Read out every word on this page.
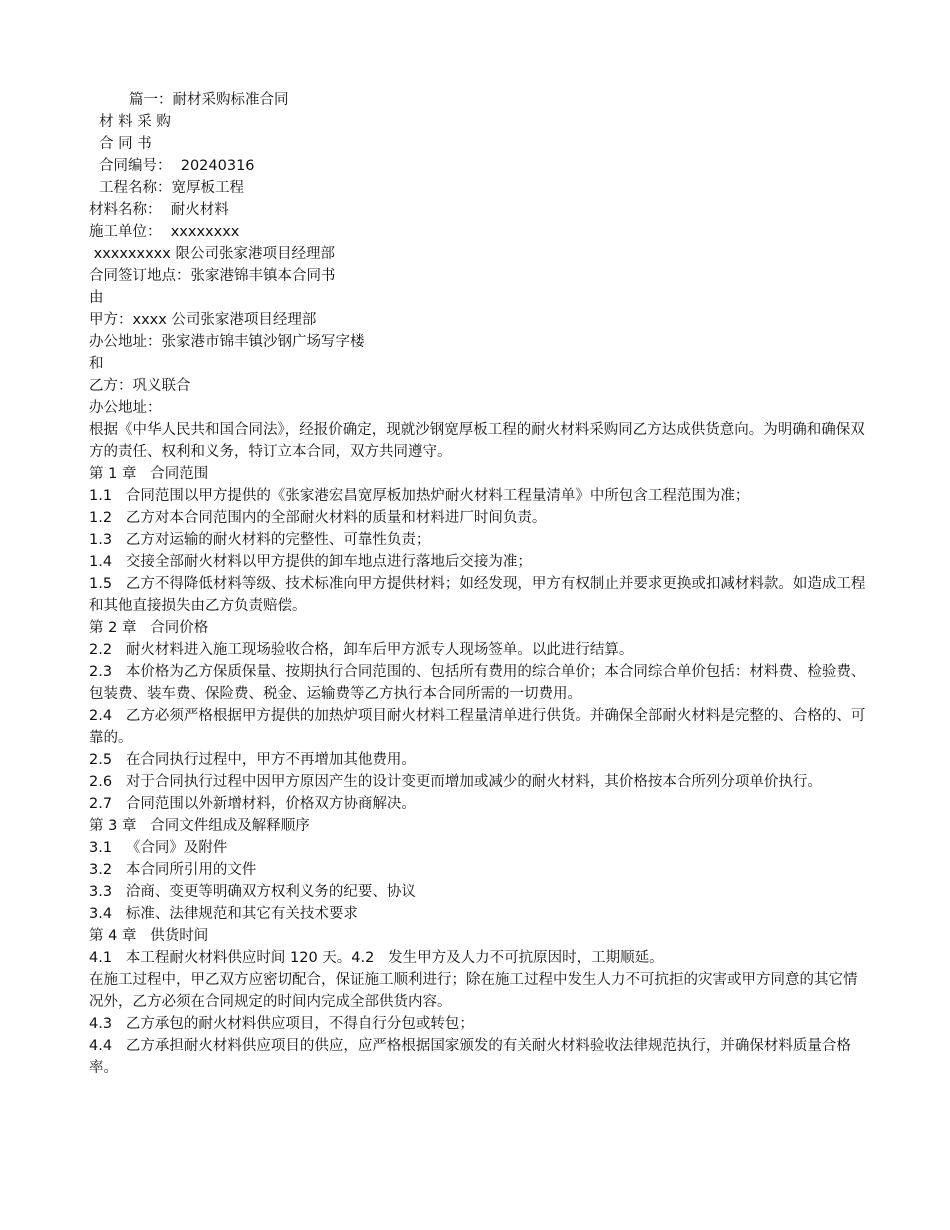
篇一：耐材采购标准合同
材 料 采 购
合 同 书
合同编号：  20240316
工程名称：宽厚板工程
材料名称：  耐火材料
施工单位：  xxxxxxxx
xxxxxxxxx 限公司张家港项目经理部
合同签订地点：张家港锦丰镇本合同书
由
甲方：xxxx 公司张家港项目经理部
办公地址：张家港市锦丰镇沙钢广场写字楼
和
乙方：巩义联合
办公地址：
根据《中华人民共和国合同法》，经报价确定，现就沙钢宽厚板工程的耐火材料采购同乙方达成供货意向。为明确和确保双方的责任、权利和义务，特订立本合同，双方共同遵守。
第 1 章   合同范围
1.1   合同范围以甲方提供的《张家港宏昌宽厚板加热炉耐火材料工程量清单》中所包含工程范围为准；
1.2   乙方对本合同范围内的全部耐火材料的质量和材料进厂时间负责。
1.3   乙方对运输的耐火材料的完整性、可靠性负责；
1.4   交接全部耐火材料以甲方提供的卸车地点进行落地后交接为准；
1.5   乙方不得降低材料等级、技术标准向甲方提供材料；如经发现，甲方有权制止并要求更换或扣减材料款。如造成工程和其他直接损失由乙方负责赔偿。
第 2 章   合同价格
2.2   耐火材料进入施工现场验收合格，卸车后甲方派专人现场签单。以此进行结算。
2.3   本价格为乙方保质保量、按期执行合同范围的、包括所有费用的综合单价；本合同综合单价包括：材料费、检验费、包装费、装车费、保险费、税金、运输费等乙方执行本合同所需的一切费用。
2.4   乙方必须严格根据甲方提供的加热炉项目耐火材料工程量清单进行供货。并确保全部耐火材料是完整的、合格的、可靠的。
2.5   在合同执行过程中，甲方不再增加其他费用。
2.6   对于合同执行过程中因甲方原因产生的设计变更而增加或减少的耐火材料，其价格按本合所列分项单价执行。
2.7   合同范围以外新增材料，价格双方协商解决。
第 3 章   合同文件组成及解释顺序
3.1   《合同》及附件
3.2   本合同所引用的文件
3.3   洽商、变更等明确双方权利义务的纪要、协议
3.4   标准、法律规范和其它有关技术要求
第 4 章   供货时间
4.1   本工程耐火材料供应时间 120 天。4.2   发生甲方及人力不可抗原因时，工期顺延。
在施工过程中，甲乙双方应密切配合，保证施工顺利进行；除在施工过程中发生人力不可抗拒的灾害或甲方同意的其它情况外，乙方必须在合同规定的时间内完成全部供货内容。
4.3   乙方承包的耐火材料供应项目，不得自行分包或转包；
4.4   乙方承担耐火材料供应项目的供应，应严格根据国家颁发的有关耐火材料验收法律规范执行，并确保材料质量合格率。
